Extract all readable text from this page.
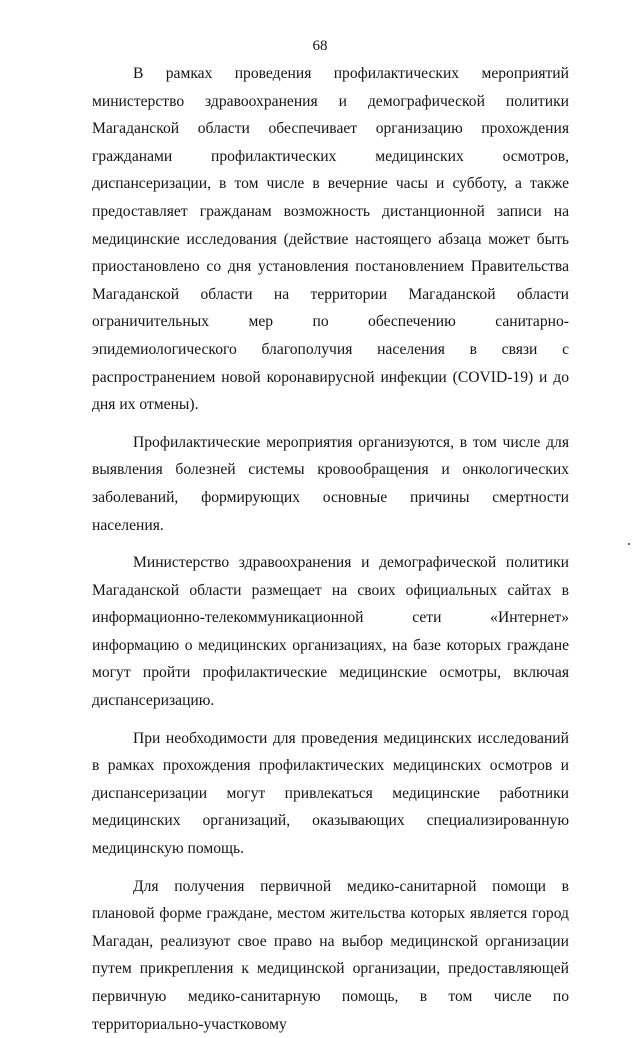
68

В рамках проведения профилактических мероприятий министерство здравоохранения и демографической политики Магаданской области обеспечивает организацию прохождения гражданами профилактических медицинских осмотров, диспансеризации, в том числе в вечерние часы и субботу, а также предоставляет гражданам возможность дистанционной записи на медицинские исследования (действие настоящего абзаца может быть приостановлено со дня установления постановлением Правительства Магаданской области на территории Магаданской области ограничительных мер по обеспечению санитарно-эпидемиологического благополучия населения в связи с распространением новой коронавирусной инфекции (COVID-19) и до дня их отмены).

Профилактические мероприятия организуются, в том числе для выявления болезней системы кровообращения и онкологических заболеваний, формирующих основные причины смертности населения.

Министерство здравоохранения и демографической политики Магаданской области размещает на своих официальных сайтах в информационно-телекоммуникационной сети «Интернет» информацию о медицинских организациях, на базе которых граждане могут пройти профилактические медицинские осмотры, включая диспансеризацию.

При необходимости для проведения медицинских исследований в рамках прохождения профилактических медицинских осмотров и диспансеризации могут привлекаться медицинские работники медицинских организаций, оказывающих специализированную медицинскую помощь.

Для получения первичной медико-санитарной помощи в плановой форме граждане, местом жительства которых является город Магадан, реализуют свое право на выбор медицинской организации путем прикрепления к медицинской организации, предоставляющей первичную медико-санитарную помощь, в том числе по территориально-участковому
